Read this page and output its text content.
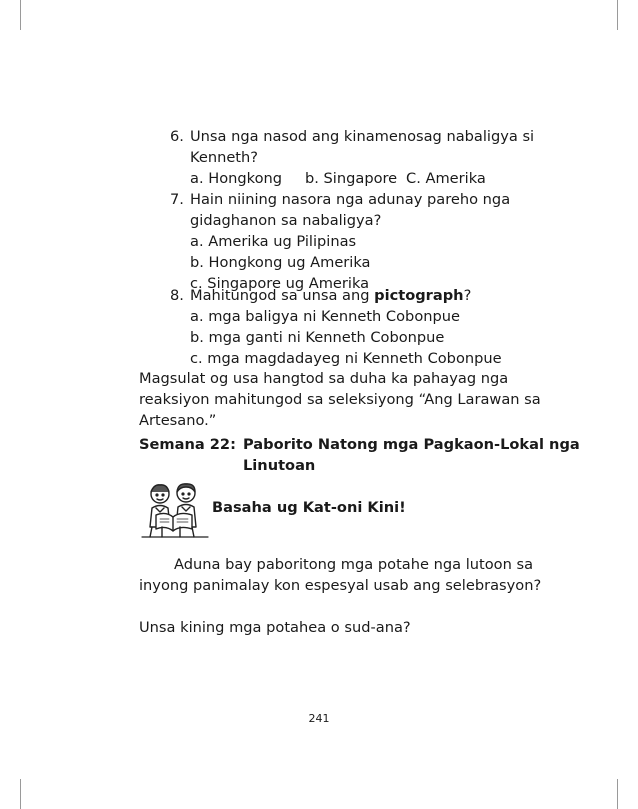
6. Unsa nga nasod ang kinamenosag nabaligya si
Kenneth?
a. Hongkong b. Singapore C. Amerika
7. Hain niining nasora nga adunay pareho nga
gidaghanon sa nabaligya?
a. Amerika ug Pilipinas
b. Hongkong ug Amerika
c. Singapore ug Amerika
8. Mahitungod sa unsa ang pictograph?
a. mga baligya ni Kenneth Cobonpue
b. mga ganti ni Kenneth Cobonpue
c. mga magdadayeg ni Kenneth Cobonpue
Magsulat og usa hangtod sa duha ka pahayag nga
reaksiyon mahitungod sa seleksiyong “Ang Larawan sa
Artesano.”
Semana 22: Paborito Natong mga Pagkaon-Lokal nga
Linutoan
Basaha ug Kat-oni Kini!
Aduna bay paboritong mga potahe nga lutoon sa
inyong panimalay kon espesyal usab ang selebrasyon?
Unsa kining mga potahea o sud-ana?
241
